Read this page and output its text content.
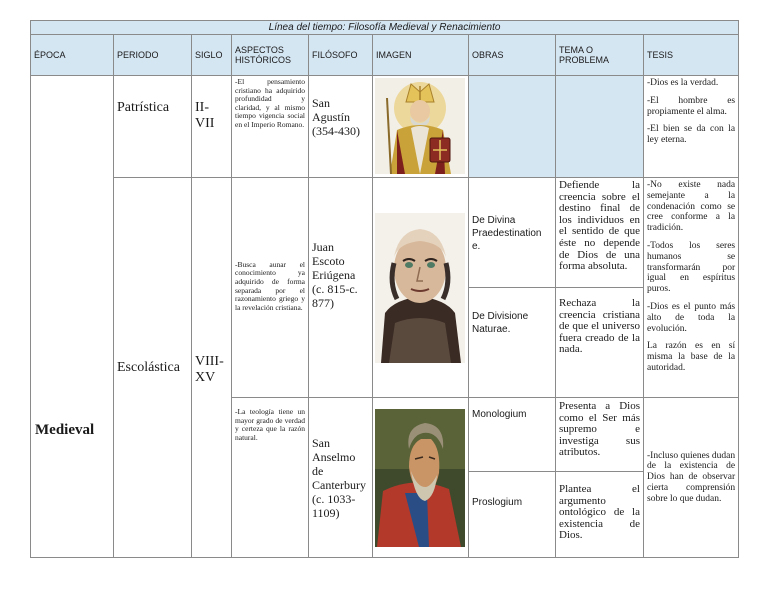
Línea del tiempo: Filosofía Medieval y Renacimiento								
ÉPOCA	PERIODO	SIGLO	ASPECTOS HISTÓRICOS	FILÓSOFO	IMAGEN	OBRAS	TEMA O PROBLEMA	TESIS
Medieval	Patrística	II-VII	-El pensamiento cristiano ha adquirido profundidad y claridad, y al mismo tiempo vigencia social en el Imperio Romano.	San Agustín (354-430)				-Dios es la verdad.

-El hombre es propiamente el alma.

-El bien se da con la ley eterna.

	Escolástica	VIII-XV	-Busca aunar el conocimiento ya adquirido de forma separada por el razonamiento griego y la revelación cristiana.	Juan Escoto Eriúgena (c. 815-c. 877)		De Divina Praedestination e.	Defiende la creencia sobre el destino final de los individuos en el sentido de que éste no depende de Dios de una forma absoluta.	-No existe nada semejante a la condenación como se cree conforme a la tradición.

-Todos los seres humanos se transformarán por igual en espíritus puros.

-Dios es el punto más alto de toda la evolución.

La razón es en sí misma la base de la autoridad.

						De Divisione Naturae.	Rechaza la creencia cristiana de que el universo fuera creado de la nada.	
			-La teología tiene un mayor grado de verdad y certeza que la razón natural.	San Anselmo de Canterbury (c. 1033-1109)		Monologium	Presenta a Dios como el Ser más supremo e investiga sus atributos.	-Incluso quienes dudan de la existencia de Dios han de observar cierta comprensión sobre lo que dudan.
						Proslogium	Plantea el argumento ontológico de la existencia de Dios.	
